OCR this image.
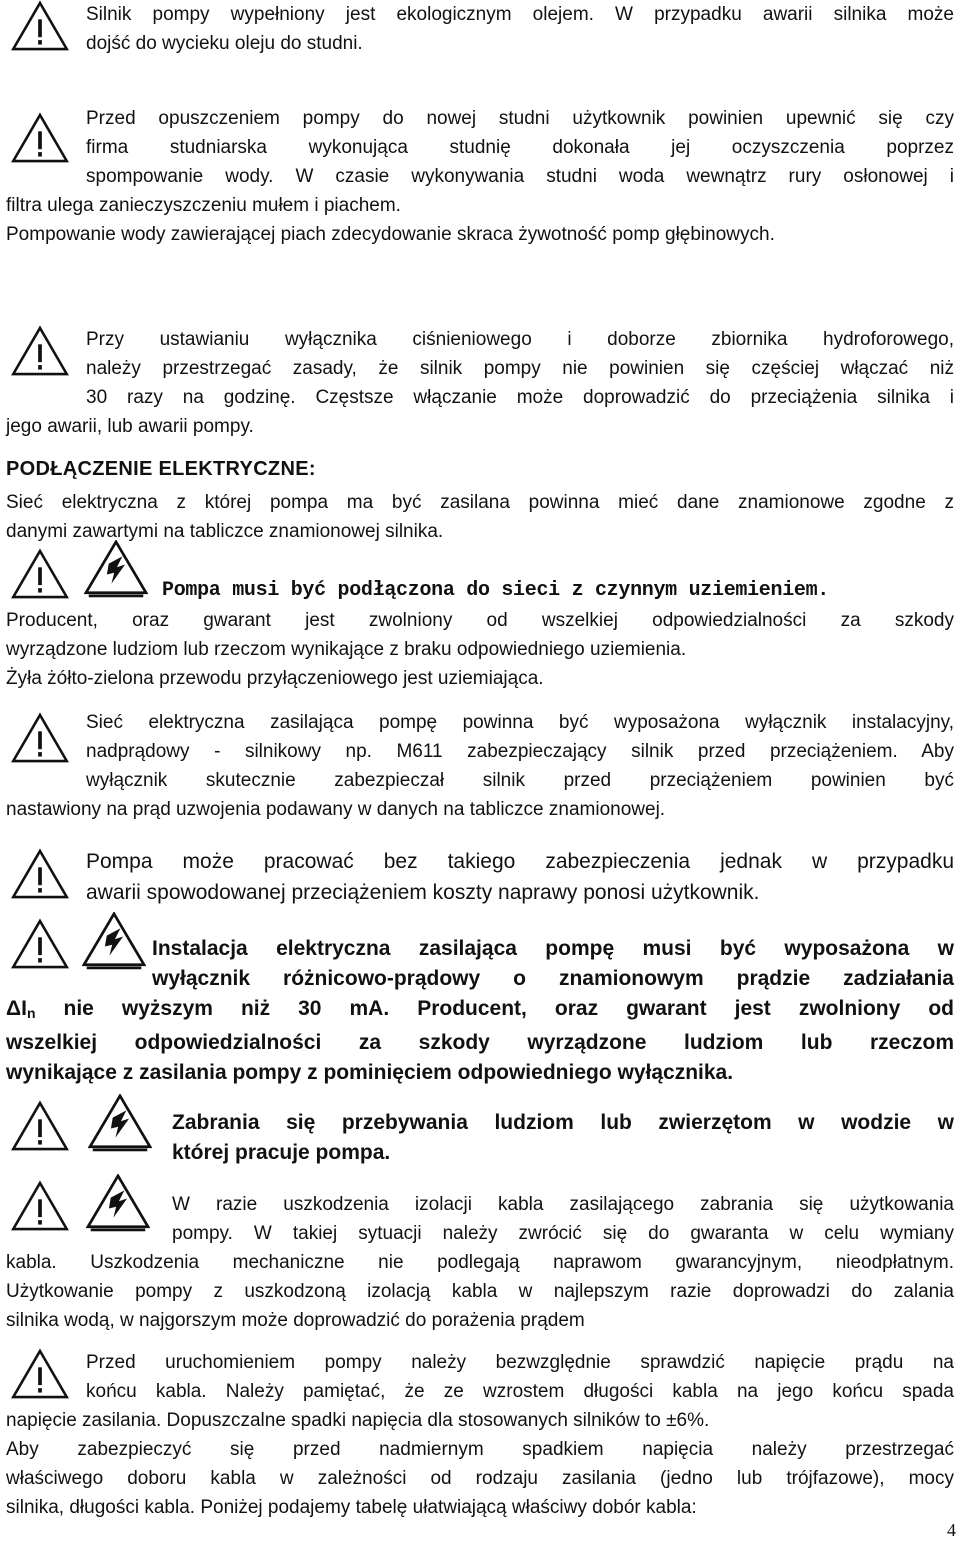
Silnik pompy wypełniony jest ekologicznym olejem. W przypadku awarii silnika może
dojść do wycieku oleju do studni.
Przed opuszczeniem pompy do nowej studni użytkownik powinien upewnić się czy
firma studniarska wykonująca studnię dokonała jej oczyszczenia poprzez
spompowanie wody. W czasie wykonywania studni woda wewnątrz rury osłonowej i
filtra ulega zanieczyszczeniu mułem i piachem.
Pompowanie wody zawierającej piach zdecydowanie skraca żywotność pomp głębinowych.
Przy ustawianiu wyłącznika ciśnieniowego i doborze zbiornika hydroforowego,
należy przestrzegać zasady, że silnik pompy nie powinien się częściej włączać niż
30 razy na godzinę. Częstsze włączanie może doprowadzić do przeciążenia silnika i
jego awarii, lub awarii pompy.
PODŁĄCZENIE ELEKTRYCZNE:
Sieć elektryczna z której pompa ma być zasilana powinna mieć dane znamionowe zgodne z
danymi zawartymi na tabliczce znamionowej silnika.
Pompa musi być podłączona do sieci z czynnym uziemieniem.
Producent, oraz gwarant jest zwolniony od wszelkiej odpowiedzialności za szkody
wyrządzone ludziom lub rzeczom wynikające z braku odpowiedniego uziemienia.
Żyła żółto-zielona przewodu przyłączeniowego jest uziemiająca.
Sieć elektryczna zasilająca pompę powinna być wyposażona wyłącznik instalacyjny,
nadprądowy - silnikowy np. M611 zabezpieczający silnik przed przeciążeniem. Aby
wyłącznik skutecznie zabezpieczał silnik przed przeciążeniem powinien być
nastawiony na prąd uzwojenia podawany w danych na tabliczce znamionowej.
Pompa może pracować bez takiego zabezpieczenia jednak w przypadku
awarii spowodowanej przeciążeniem koszty naprawy ponosi użytkownik.
Instalacja elektryczna zasilająca pompę musi być wyposażona w
wyłącznik różnicowo-prądowy o znamionowym prądzie zadziałania
$\Delta I_n$ nie wyższym niż 30 mA. Producent, oraz gwarant jest zwolniony od
wszelkiej odpowiedzialności za szkody wyrządzone ludziom lub rzeczom
wynikające z zasilania pompy z pominięciem odpowiedniego wyłącznika.
Zabrania się przebywania ludziom lub zwierzętom w wodzie w
której pracuje pompa.
W razie uszkodzenia izolacji kabla zasilającego zabrania się użytkowania
pompy. W takiej sytuacji należy zwrócić się do gwaranta w celu wymiany
kabla. Uszkodzenia mechaniczne nie podlegają naprawom gwarancyjnym, nieodpłatnym.
Użytkowanie pompy z uszkodzoną izolacją kabla w najlepszym razie doprowadzi do zalania
silnika wodą, w najgorszym może doprowadzić do porażenia prądem
Przed uruchomieniem pompy należy bezwzględnie sprawdzić napięcie prądu na
końcu kabla. Należy pamiętać, że ze wzrostem długości kabla na jego końcu spada
napięcie zasilania. Dopuszczalne spadki napięcia dla stosowanych silników to ±6%.
Aby zabezpieczyć się przed nadmiernym spadkiem napięcia należy przestrzegać
właściwego doboru kabla w zależności od rodzaju zasilania (jedno lub trójfazowe), mocy
silnika, długości kabla. Poniżej podajemy tabelę ułatwiającą właściwy dobór kabla:
4
